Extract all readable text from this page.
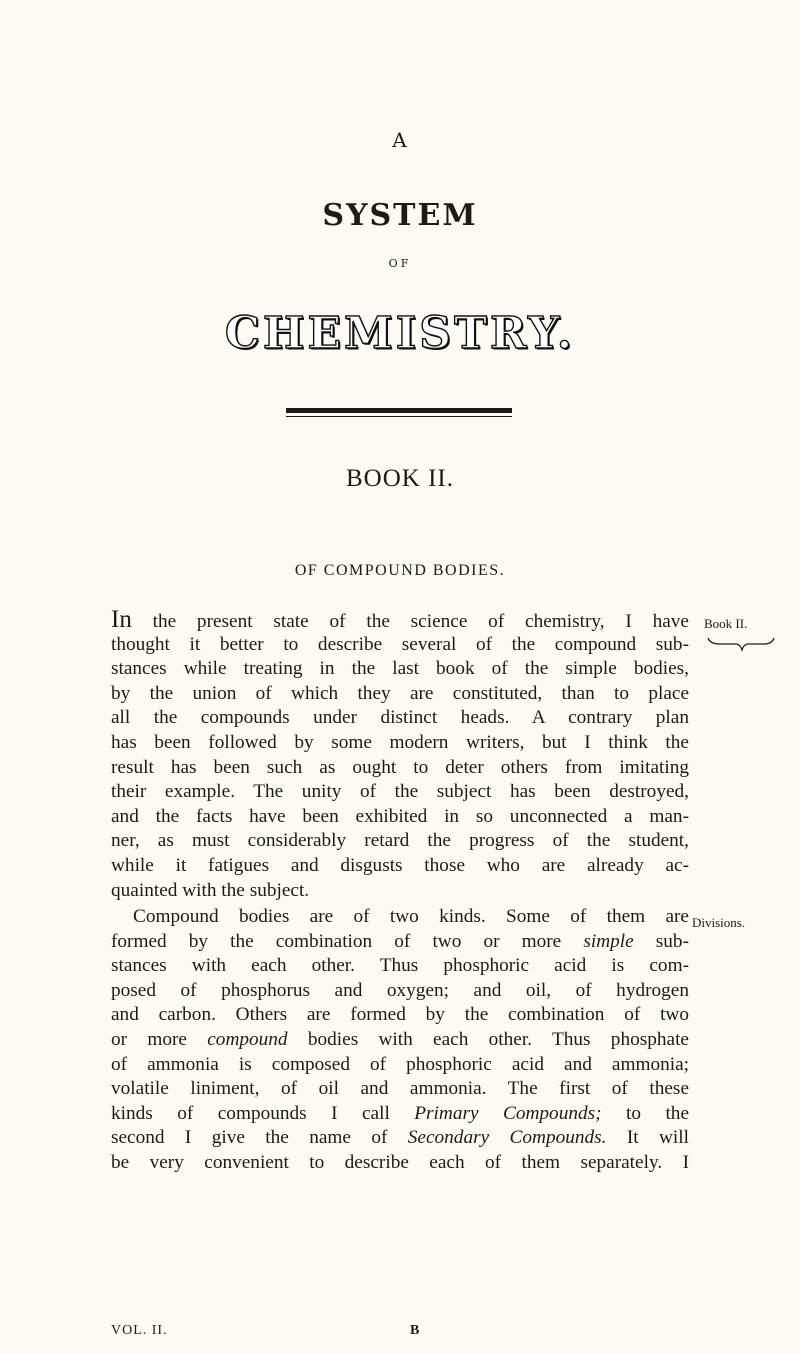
A
SYSTEM
OF
CHEMISTRY.
BOOK II.
OF COMPOUND BODIES.
Book II.
Divisions.
In the present state of the science of chemistry, I have
thought it better to describe several of the compound sub-
stances while treating in the last book of the simple bodies,
by the union of which they are constituted, than to place
all the compounds under distinct heads. A contrary plan
has been followed by some modern writers, but I think the
result has been such as ought to deter others from imitating
their example. The unity of the subject has been destroyed,
and the facts have been exhibited in so unconnected a man-
ner, as must considerably retard the progress of the student,
while it fatigues and disgusts those who are already ac-
quainted with the subject.
Compound bodies are of two kinds. Some of them are
formed by the combination of two or more simple sub-
stances with each other. Thus phosphoric acid is com-
posed of phosphorus and oxygen; and oil, of hydrogen
and carbon. Others are formed by the combination of two
or more compound bodies with each other. Thus phosphate
of ammonia is composed of phosphoric acid and ammonia;
volatile liniment, of oil and ammonia. The first of these
kinds of compounds I call Primary Compounds; to the
second I give the name of Secondary Compounds. It will
be very convenient to describe each of them separately. I
VOL. II.	B
